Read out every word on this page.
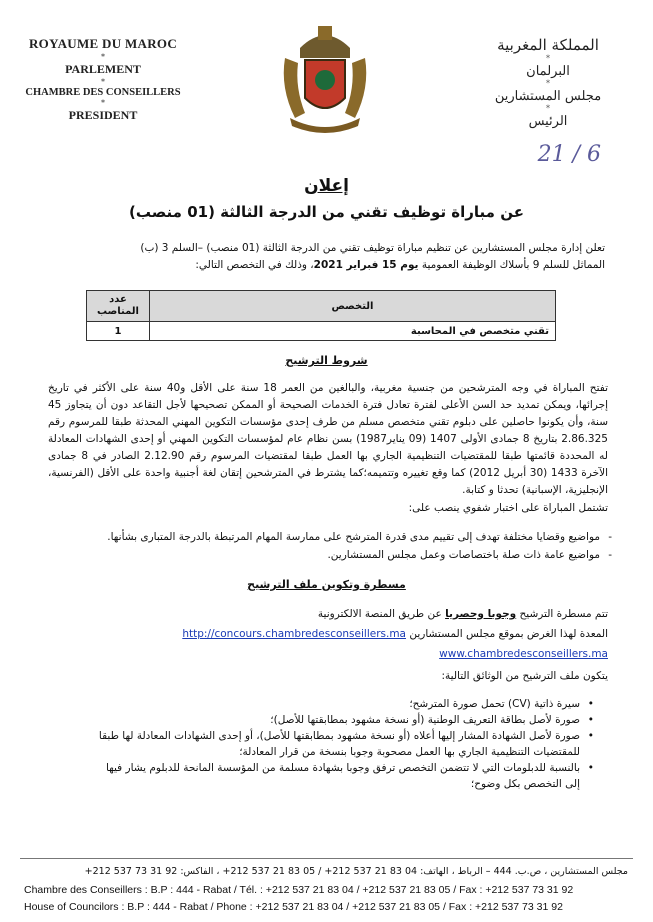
ROYAUME DU MAROC
*
PARLEMENT
*
CHAMBRE DES CONSEILLERS
*
PRESIDENT
المملكة المغربية
*
البرلمان
*
مجلس المستشارين
*
الرئيس
21 / 6
إعلان
عن مباراة توظيف تقني من الدرجة الثالثة (01 منصب)
تعلن إدارة مجلس المستشارين عن تنظيم مباراة توظيف تقني من الدرجة الثالثة (01 منصب) –السلم 3 (ب)
المماثل للسلم 9 بأسلاك الوظيفة العمومية يوم 15 فبراير 2021، وذلك في التخصص التالي:
التخصص	عدد المناصب
تقني متخصص في المحاسبة	1
شروط الترشيح
تفتح المباراة في وجه المترشحين من جنسية مغربية، والبالغين من العمر 18 سنة على الأقل و40 سنة على الأكثر في تاريخ إجرائها، ويمكن تمديد حد السن الأعلى لفترة تعادل فترة الخدمات الصحيحة أو الممكن تصحيحها لأجل التقاعد دون أن يتجاوز 45 سنة، وأن يكونوا حاصلين على دبلوم تقني متخصص مسلم من طرف إحدى مؤسسات التكوين المهني المحدثة طبقا للمرسوم رقم 2.86.325 بتاريخ 8 جمادى الأولى 1407 (09 يناير1987) بسن نظام عام لمؤسسات التكوين المهني أو إحدى الشهادات المعادلة له المحددة قائمتها طبقا للمقتضيات التنظيمية الجاري بها العمل طبقا لمقتضيات المرسوم رقم 2.12.90 الصادر في 8 جمادى الآخرة 1433 (30 أبريل 2012) كما وقع تغييره وتتميمه؛كما يشترط في المترشحين إتقان لغة أجنبية واحدة على الأقل (الفرنسية، الإنجليزية، الإسبانية) تحدثا و كتابة.
تشتمل المباراة على اختبار شفوي ينصب على:
- مواضيع وقضايا مختلفة تهدف إلى تقييم مدى قدرة المترشح على ممارسة المهام المرتبطة بالدرجة المتبارى بشأنها.
- مواضيع عامة ذات صلة باختصاصات وعمل مجلس المستشارين.
مسطرة وتكوين ملف الترشيح
تتم مسطرة الترشيح وجوبا وحصريا عن طريق المنصة الالكترونية
المعدة لهذا الغرض بموقع مجلس المستشارين http://concours.chambredesconseillers.ma
www.chambredesconseillers.ma
يتكون ملف الترشيح من الوثائق التالية:
• سيرة ذاتية (CV) تحمل صورة المترشح؛
• صورة لأصل بطاقة التعريف الوطنية (أو نسخة مشهود بمطابقتها للأصل)؛
• صورة لأصل الشهادة المشار إليها أعلاه (أو نسخة مشهود بمطابقتها للأصل)، أو إحدى الشهادات المعادلة لها طبقا للمقتضيات التنظيمية الجاري بها العمل مصحوبة وجوبا بنسخة من قرار المعادلة؛
• بالنسبة للدبلومات التي لا تتضمن التخصص ترفق وجوبا بشهادة مسلمة من المؤسسة المانحة للدبلوم يشار فيها إلى التخصص بكل وضوح؛
مجلس المستشارين ، ص.ب. 444 – الرباط ، الهاتف: 04 83 21 537 212+ / 05 83 21 537 212+ ، الفاكس: 92 31 73 537 212+
Chambre des Conseillers : B.P : 444 - Rabat / Tél. : +212 537 21 83 04 / +212 537 21 83 05 / Fax : +212 537 73 31 92
House of Councilors : B.P : 444 - Rabat / Phone : +212 537 21 83 04 / +212 537 21 83 05 / Fax : +212 537 73 31 92
